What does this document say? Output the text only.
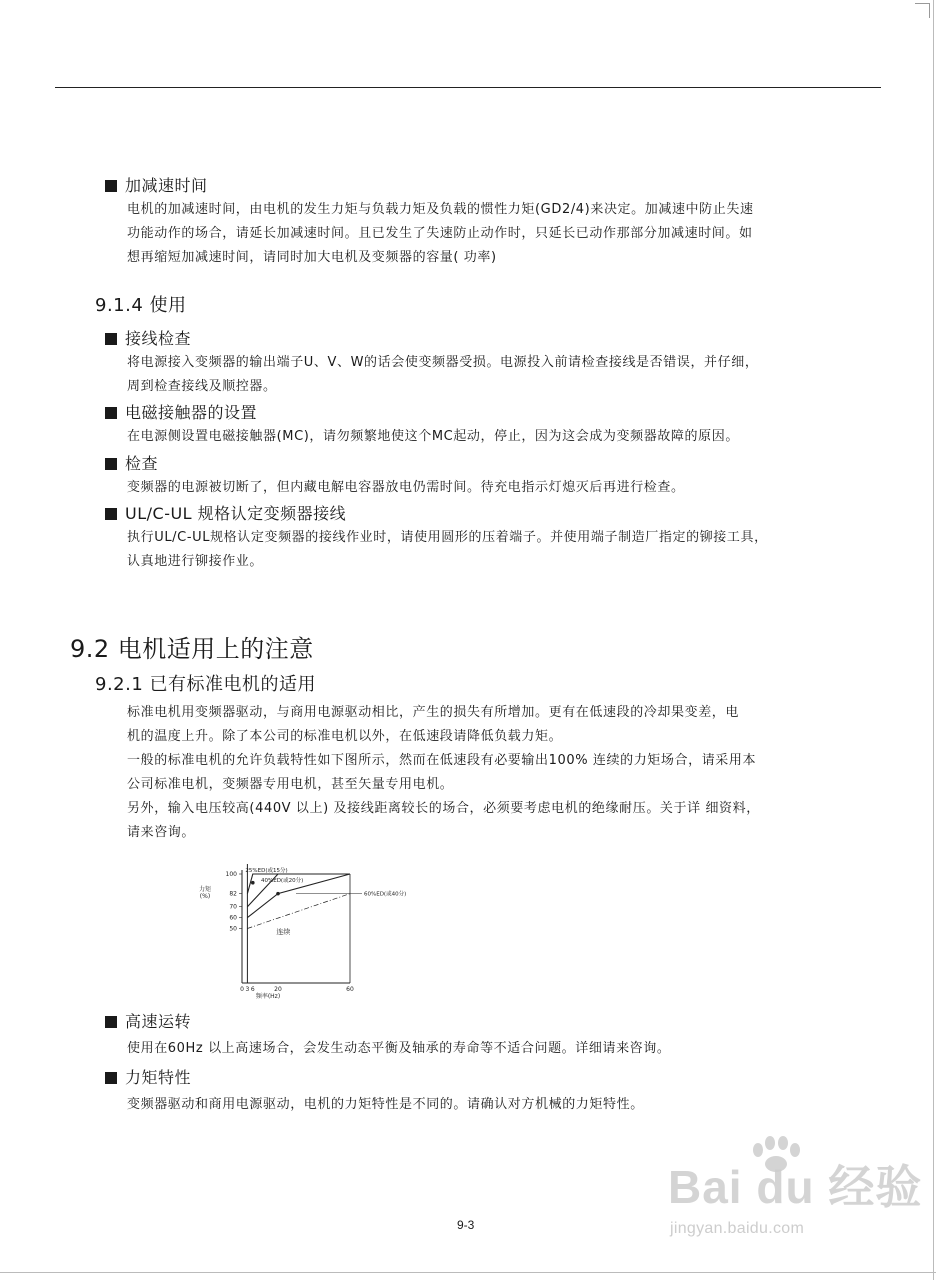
加减速时间
电机的加减速时间，由电机的发生力矩与负载力矩及负载的惯性力矩(GD2/4)来决定。加减速中防止失速
功能动作的场合，请延长加减速时间。且已发生了失速防止动作时，只延长已动作那部分加减速时间。如
想再缩短加减速时间，请同时加大电机及变频器的容量( 功率)
9.1.4 使用
接线检查
将电源接入变频器的输出端子U、V、W的话会使变频器受损。电源投入前请检查接线是否错误，并仔细，
周到检查接线及顺控器。
电磁接触器的设置
在电源侧设置电磁接触器(MC)，请勿频繁地使这个MC起动，停止，因为这会成为变频器故障的原因。
检查
变频器的电源被切断了，但内藏电解电容器放电仍需时间。待充电指示灯熄灭后再进行检查。
UL/C-UL 规格认定变频器接线
执行UL/C-UL规格认定变频器的接线作业时，请使用圆形的压着端子。并使用端子制造厂指定的铆接工具，
认真地进行铆接作业。
9.2 电机适用上的注意
9.2.1 已有标准电机的适用
标准电机用变频器驱动，与商用电源驱动相比，产生的损失有所增加。更有在低速段的冷却果变差，电
机的温度上升。除了本公司的标准电机以外，在低速段请降低负载力矩。
一般的标准电机的允许负载特性如下图所示，然而在低速段有必要输出100% 连续的力矩场合，请采用本
公司标准电机，变频器专用电机，甚至矢量专用电机。
另外，输入电压较高(440V 以上) 及接线距离较长的场合，必须要考虑电机的绝缘耐压。关于详 细资料，
请来咨询。
100
82
70
60
50
0 3 6	20	60
频率(Hz)
力矩
(%)
25%ED(或15分)
40%ED(或20分)
60%ED(或40分)
连续
高速运转
使用在60Hz 以上高速场合，会发生动态平衡及轴承的寿命等不适合问题。详细请来咨询。
力矩特性
变频器驱动和商用电源驱动，电机的力矩特性是不同的。请确认对方机械的力矩特性。
9-3
Bai du 经验
jingyan.baidu.com
